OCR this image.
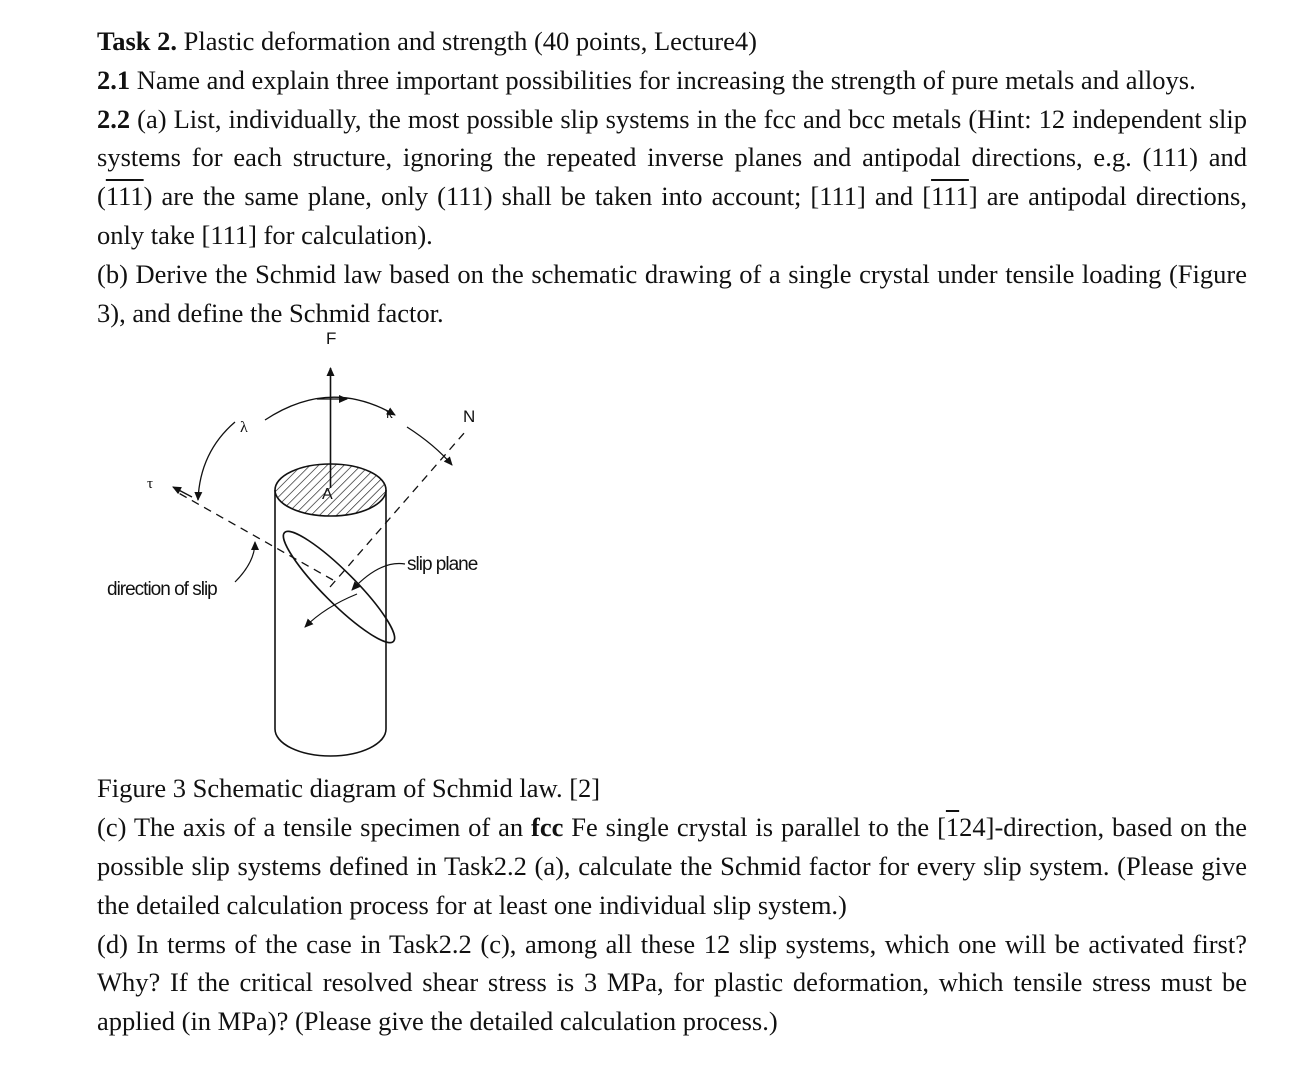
Task 2. Plastic deformation and strength (40 points, Lecture4)

2.1 Name and explain three important possibilities for increasing the strength of pure metals and alloys.

2.2 (a) List, individually, the most possible slip systems in the fcc and bcc metals (Hint: 12 independent slip systems for each structure, ignoring the repeated inverse planes and antipodal directions, e.g. (111) and (111) are the same plane, only (111) shall be taken into account; [111] and [111] are antipodal directions, only take [111] for calculation).

(b) Derive the Schmid law based on the schematic drawing of a single crystal under tensile loading (Figure 3), and define the Schmid factor.

F
N
κ
λ
τ
A
slip plane
direction of slip

Figure 3 Schematic diagram of Schmid law. [2]

(c) The axis of a tensile specimen of an fcc Fe single crystal is parallel to the [124]-direction, based on the possible slip systems defined in Task2.2 (a), calculate the Schmid factor for every slip system. (Please give the detailed calculation process for at least one individual slip system.)

(d) In terms of the case in Task2.2 (c), among all these 12 slip systems, which one will be activated first? Why? If the critical resolved shear stress is 3 MPa, for plastic deformation, which tensile stress must be applied (in MPa)? (Please give the detailed calculation process.)
